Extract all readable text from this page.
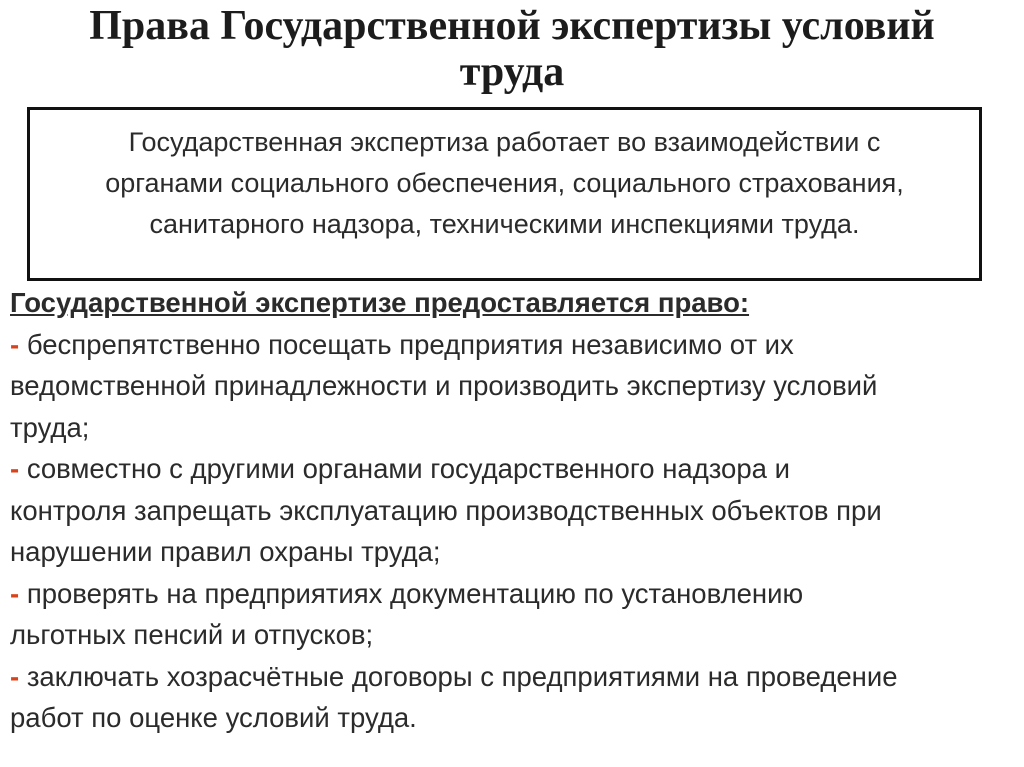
Права Государственной экспертизы условий
труда
Государственная экспертиза работает во взаимодействии с
органами социального обеспечения, социального страхования,
санитарного надзора, техническими инспекциями труда.

Государственной экспертизе предоставляется право:

- беспрепятственно посещать предприятия независимо от их
ведомственной принадлежности и производить экспертизу условий
труда;

- совместно с другими органами государственного надзора и
контроля запрещать эксплуатацию производственных объектов при
нарушении правил охраны труда;

- проверять на предприятиях документацию по установлению
льготных пенсий и отпусков;

- заключать хозрасчётные договоры с предприятиями на проведение
работ по оценке условий труда.
